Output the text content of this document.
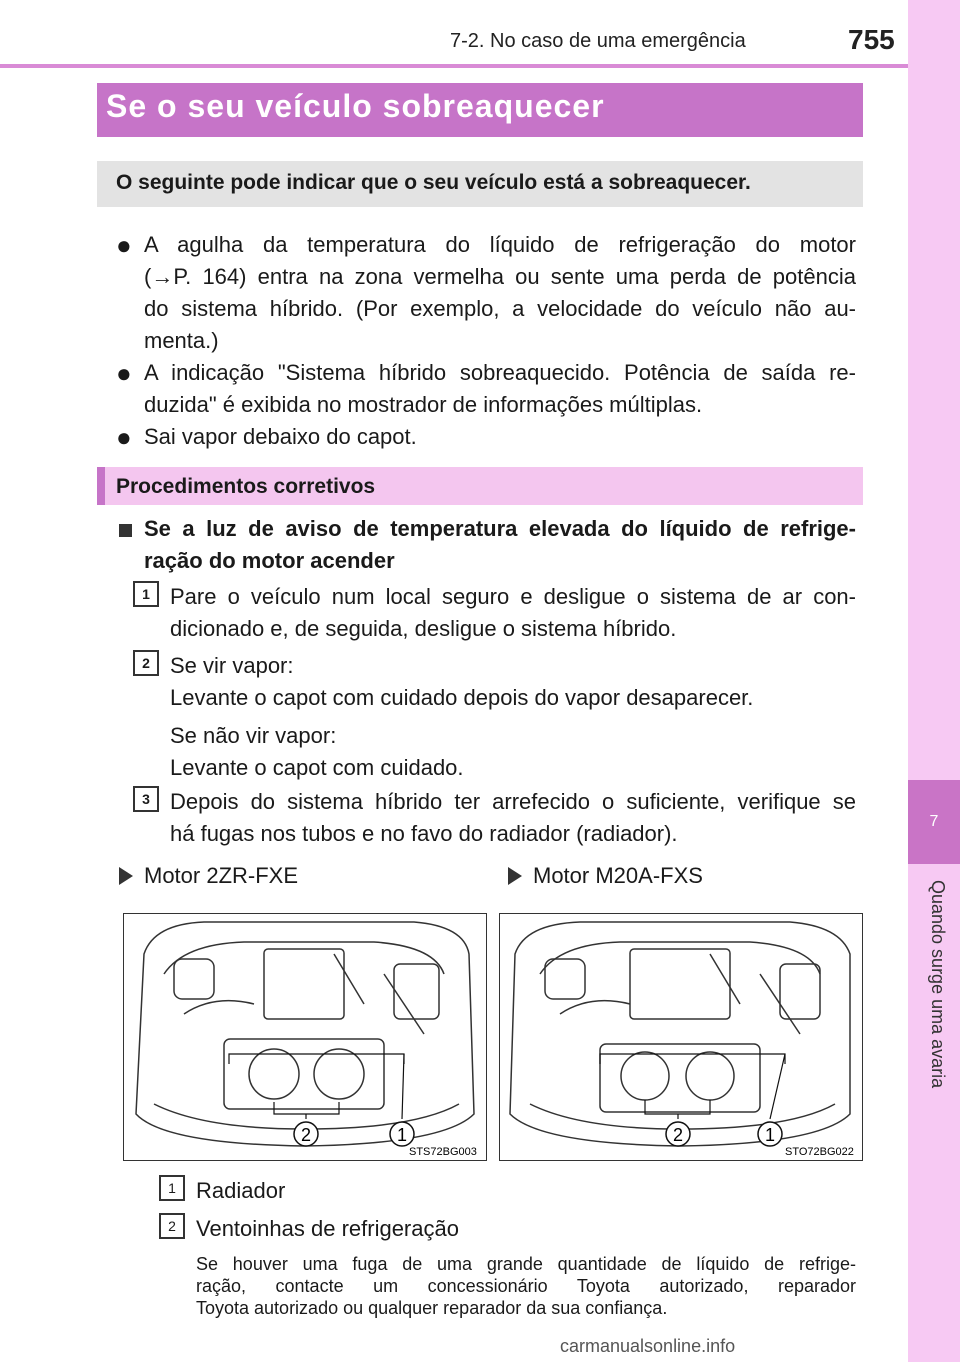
7-2. No caso de uma emergência	755
7
Quando surge uma avaria
Se o seu veículo sobreaquecer
O seguinte pode indicar que o seu veículo está a sobreaquecer.
● A agulha da temperatura do líquido de refrigeração do motor
(→P. 164) entra na zona vermelha ou sente uma perda de potência
do sistema híbrido. (Por exemplo, a velocidade do veículo não au-
menta.)
● A indicação "Sistema híbrido sobreaquecido. Potência de saída re-
duzida" é exibida no mostrador de informações múltiplas.
● Sai vapor debaixo do capot.
Procedimentos corretivos
Se a luz de aviso de temperatura elevada do líquido de refrige-
ração do motor acender
1 Pare o veículo num local seguro e desligue o sistema de ar con-
dicionado e, de seguida, desligue o sistema híbrido.
2 Se vir vapor:
Levante o capot com cuidado depois do vapor desaparecer.
Se não vir vapor:
Levante o capot com cuidado.
3 Depois do sistema híbrido ter arrefecido o suficiente, verifique se
há fugas nos tubos e no favo do radiador (radiador).
Motor 2ZR-FXE	Motor M20A-FXS
2	1
STS72BG003
2	1
STO72BG022
1 Radiador
2 Ventoinhas de refrigeração
Se houver uma fuga de uma grande quantidade de líquido de refrige-
ração, contacte um concessionário Toyota autorizado, reparador
Toyota autorizado ou qualquer reparador da sua confiança.
carmanualsonline.info
